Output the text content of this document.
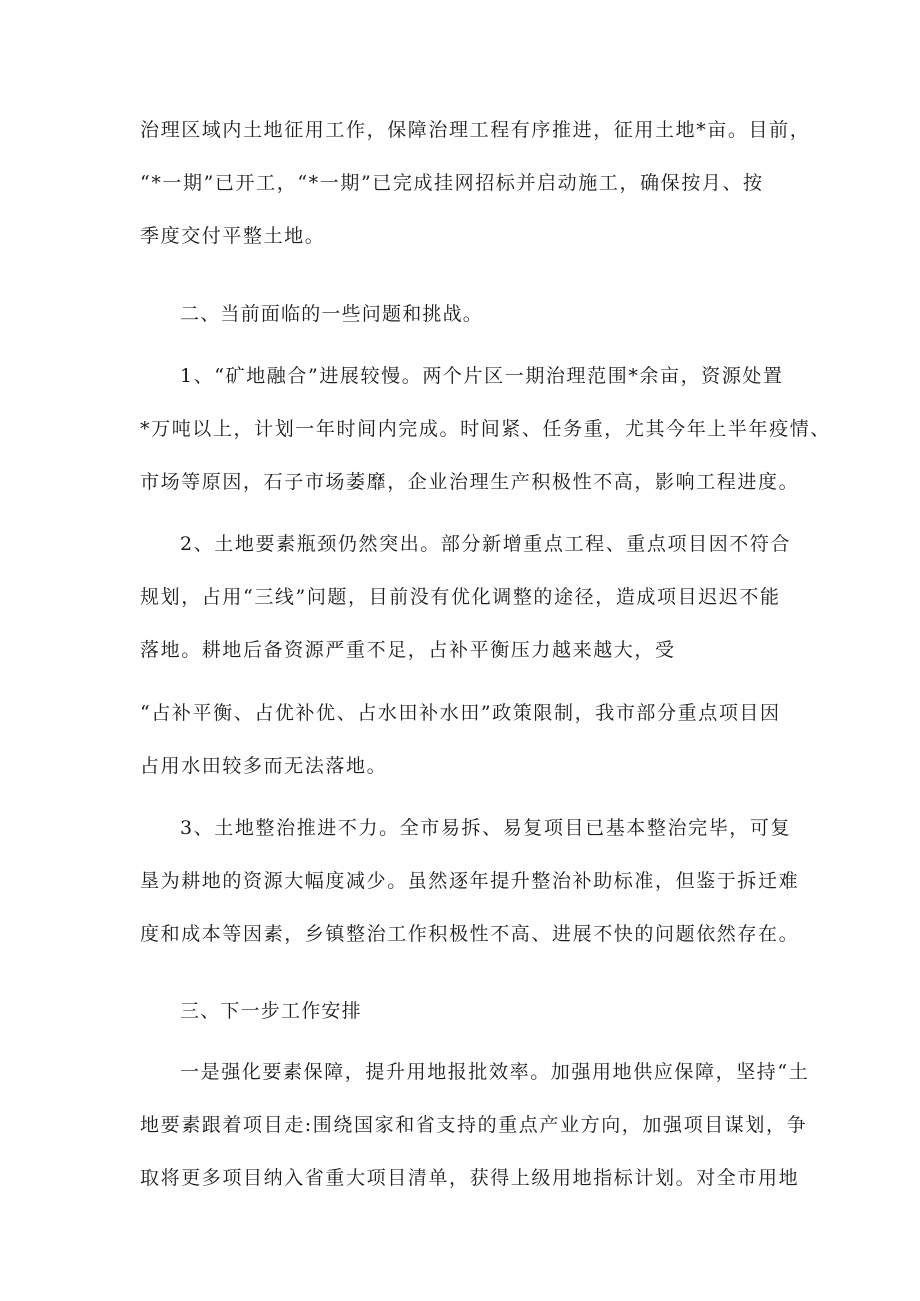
治理区域内土地征用工作，保障治理工程有序推进，征用土地*亩。目前，
“*一期”已开工，“*一期”已完成挂网招标并启动施工，确保按月、按
季度交付平整土地。
二、当前面临的一些问题和挑战。
1、“矿地融合”进展较慢。两个片区一期治理范围*余亩，资源处置
*万吨以上，计划一年时间内完成。时间紧、任务重，尤其今年上半年疫情、
市场等原因，石子市场萎靡，企业治理生产积极性不高，影响工程进度。
2、土地要素瓶颈仍然突出。部分新增重点工程、重点项目因不符合
规划，占用“三线”问题，目前没有优化调整的途径，造成项目迟迟不能
落地。耕地后备资源严重不足，占补平衡压力越来越大，受
“占补平衡、占优补优、占水田补水田”政策限制，我市部分重点项目因
占用水田较多而无法落地。
3、土地整治推进不力。全市易拆、易复项目已基本整治完毕，可复
垦为耕地的资源大幅度减少。虽然逐年提升整治补助标准，但鉴于拆迁难
度和成本等因素，乡镇整治工作积极性不高、进展不快的问题依然存在。
三、下一步工作安排
一是强化要素保障，提升用地报批效率。加强用地供应保障，坚持“土
地要素跟着项目走:围绕国家和省支持的重点产业方向，加强项目谋划，争
取将更多项目纳入省重大项目清单，获得上级用地指标计划。对全市用地
